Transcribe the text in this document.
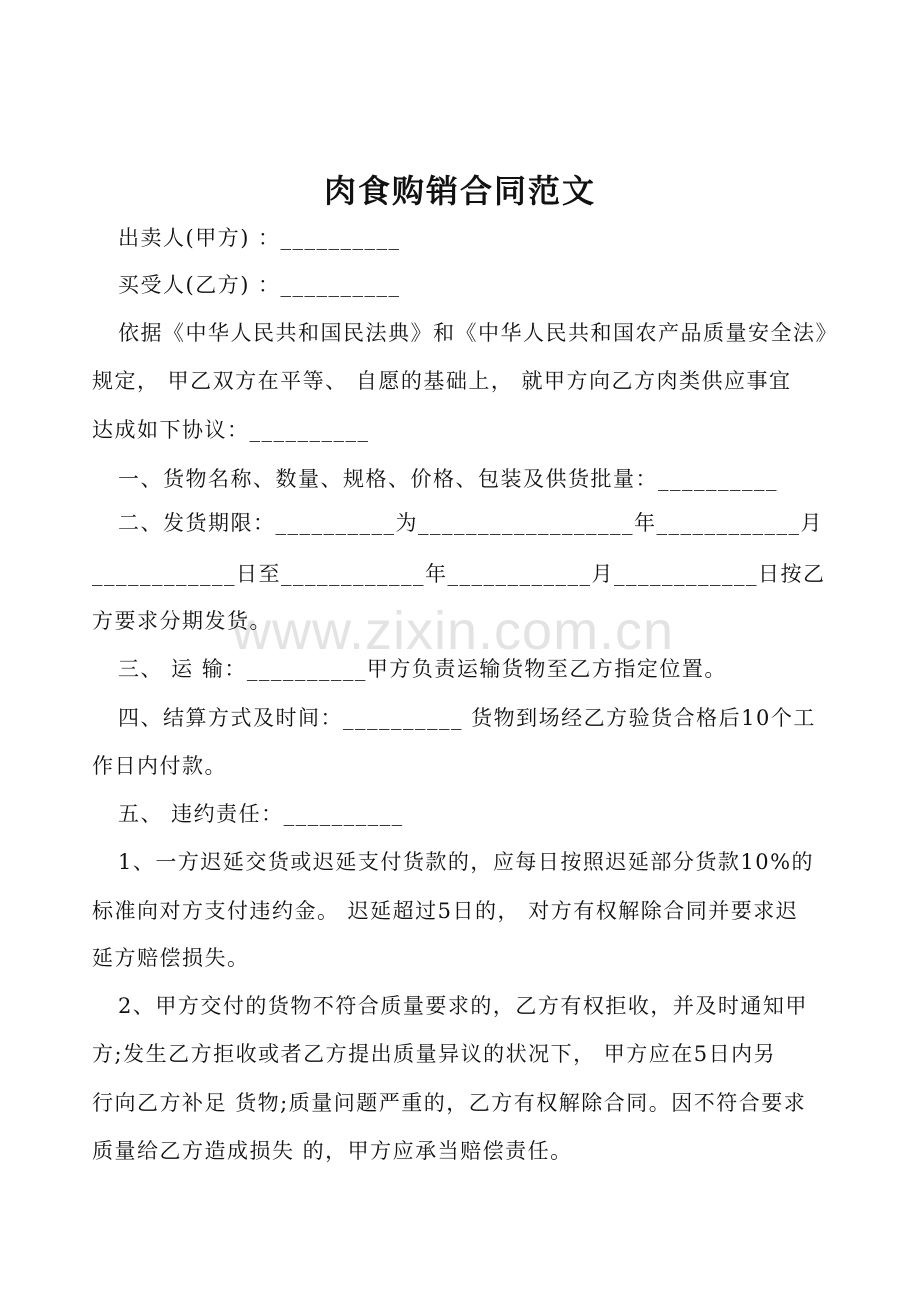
www.zixin.com.cn
肉食购销合同范文
出卖人(甲方) ：__________
买受人(乙方) ：__________
依据《中华人民共和国民法典》和《中华人民共和国农产品质量安全法》
规定， 甲乙双方在平等、 自愿的基础上， 就甲方向乙方肉类供应事宜
达成如下协议：__________
一、货物名称、数量、规格、价格、包装及供货批量：__________
二、发货期限：__________为__________________年____________月
____________日至____________年____________月____________日按乙
方要求分期发货。
三、 运 输：__________甲方负责运输货物至乙方指定位置。
四、结算方式及时间：__________ 货物到场经乙方验货合格后10个工
作日内付款。
五、 违约责任：__________
1、一方迟延交货或迟延支付货款的，应每日按照迟延部分货款10%的
标准向对方支付违约金。 迟延超过5日的， 对方有权解除合同并要求迟
延方赔偿损失。
2、甲方交付的货物不符合质量要求的，乙方有权拒收，并及时通知甲
方;发生乙方拒收或者乙方提出质量异议的状况下， 甲方应在5日内另
行向乙方补足 货物;质量问题严重的，乙方有权解除合同。因不符合要求
质量给乙方造成损失 的，甲方应承当赔偿责任。
